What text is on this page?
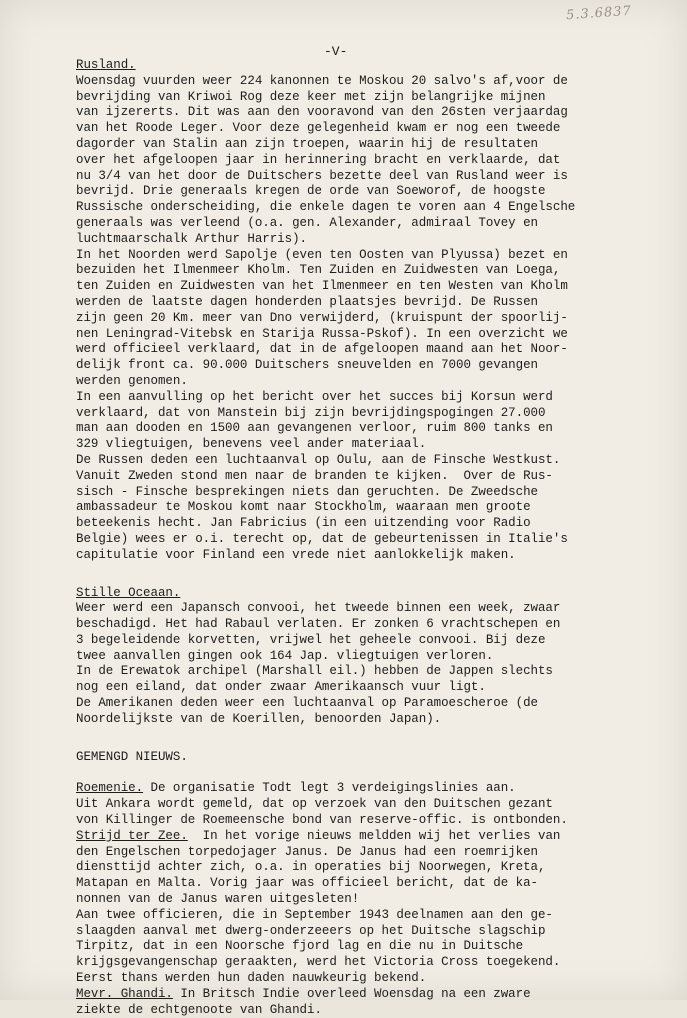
5.3.6837
-V-
Rusland.
Woensdag vuurden weer 224 kanonnen te Moskou 20 salvo's af,voor de
bevrijding van Kriwoi Rog deze keer met zijn belangrijke mijnen
van ijzererts. Dit was aan den vooravond van den 26sten verjaardag
van het Roode Leger. Voor deze gelegenheid kwam er nog een tweede
dagorder van Stalin aan zijn troepen, waarin hij de resultaten
over het afgeloopen jaar in herinnering bracht en verklaarde, dat
nu 3/4 van het door de Duitschers bezette deel van Rusland weer is
bevrijd. Drie generaals kregen de orde van Soeworof, de hoogste
Russische onderscheiding, die enkele dagen te voren aan 4 Engelsche
generaals was verleend (o.a. gen. Alexander, admiraal Tovey en
luchtmaarschalk Arthur Harris).
In het Noorden werd Sapolje (even ten Oosten van Plyussa) bezet en
bezuiden het Ilmenmeer Kholm. Ten Zuiden en Zuidwesten van Loega,
ten Zuiden en Zuidwesten van het Ilmenmeer en ten Westen van Kholm
werden de laatste dagen honderden plaatsjes bevrijd. De Russen
zijn geen 20 Km. meer van Dno verwijderd, (kruispunt der spoorlij-
nen Leningrad-Vitebsk en Starija Russa-Pskof). In een overzicht we
werd officieel verklaard, dat in de afgeloopen maand aan het Noor-
delijk front ca. 90.000 Duitschers sneuvelden en 7000 gevangen
werden genomen.
In een aanvulling op het bericht over het succes bij Korsun werd
verklaard, dat von Manstein bij zijn bevrijdingspogingen 27.000
man aan dooden en 1500 aan gevangenen verloor, ruim 800 tanks en
329 vliegtuigen, benevens veel ander materiaal.
De Russen deden een luchtaanval op Oulu, aan de Finsche Westkust.
Vanuit Zweden stond men naar de branden te kijken.  Over de Rus-
sisch - Finsche besprekingen niets dan geruchten. De Zweedsche
ambassadeur te Moskou komt naar Stockholm, waaraan men groote
beteekenis hecht. Jan Fabricius (in een uitzending voor Radio
Belgie) wees er o.i. terecht op, dat de gebeurtenissen in Italie's
capitulatie voor Finland een vrede niet aanlokkelijk maken.
Stille Oceaan.
Weer werd een Japansch convooi, het tweede binnen een week, zwaar
beschadigd. Het had Rabaul verlaten. Er zonken 6 vrachtschepen en
3 begeleidende korvetten, vrijwel het geheele convooi. Bij deze
twee aanvallen gingen ook 164 Jap. vliegtuigen verloren.
In de Erewatok archipel (Marshall eil.) hebben de Jappen slechts
nog een eiland, dat onder zwaar Amerikaansch vuur ligt.
De Amerikanen deden weer een luchtaanval op Paramoescheroe (de
Noordelijkste van de Koerillen, benoorden Japan).
GEMENGD NIEUWS.
Roemenie. De organisatie Todt legt 3 verdeigingslinies aan.
Uit Ankara wordt gemeld, dat op verzoek van den Duitschen gezant
von Killinger de Roemeensche bond van reserve-offic. is ontbonden.
Strijd ter Zee.  In het vorige nieuws meldden wij het verlies van
den Engelschen torpedojager Janus. De Janus had een roemrijken
diensttijd achter zich, o.a. in operaties bij Noorwegen, Kreta,
Matapan en Malta. Vorig jaar was officieel bericht, dat de ka-
nonnen van de Janus waren uitgesleten!
Aan twee officieren, die in September 1943 deelnamen aan den ge-
slaagden aanval met dwerg-onderzeeers op het Duitsche slagschip
Tirpitz, dat in een Noorsche fjord lag en die nu in Duitsche
krijgsgevangenschap geraakten, werd het Victoria Cross toegekend.
Eerst thans werden hun daden nauwkeurig bekend.
Mevr. Ghandi. In Britsch Indie overleed Woensdag na een zware
ziekte de echtgenoote van Ghandi.
